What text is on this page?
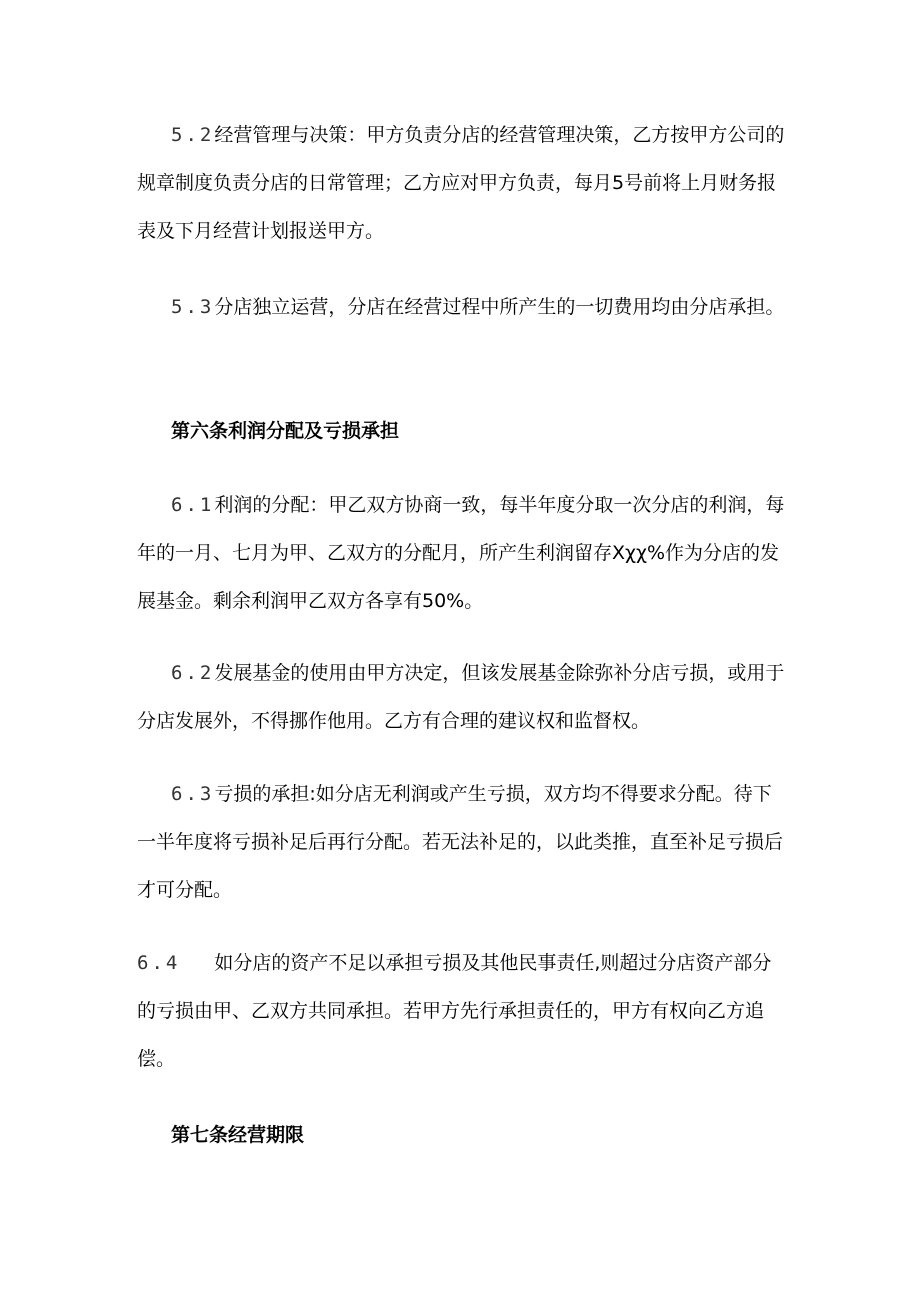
5.2经营管理与决策：甲方负责分店的经营管理决策，乙方按甲方公司的规章制度负责分店的日常管理；乙方应对甲方负责，每月5号前将上月财务报表及下月经营计划报送甲方。

5.3分店独立运营，分店在经营过程中所产生的一切费用均由分店承担。

第六条利润分配及亏损承担

6.1利润的分配：甲乙双方协商一致，每半年度分取一次分店的利润，每年的一月、七月为甲、乙双方的分配月，所产生利润留存Xχχ%作为分店的发展基金。剩余利润甲乙双方各享有50%。

6.2发展基金的使用由甲方决定，但该发展基金除弥补分店亏损，或用于分店发展外，不得挪作他用。乙方有合理的建议权和监督权。

6.3亏损的承担:如分店无利润或产生亏损，双方均不得要求分配。待下一半年度将亏损补足后再行分配。若无法补足的，以此类推，直至补足亏损后才可分配。

6.4 如分店的资产不足以承担亏损及其他民事责任,则超过分店资产部分的亏损由甲、乙双方共同承担。若甲方先行承担责任的，甲方有权向乙方追偿。

第七条经营期限
